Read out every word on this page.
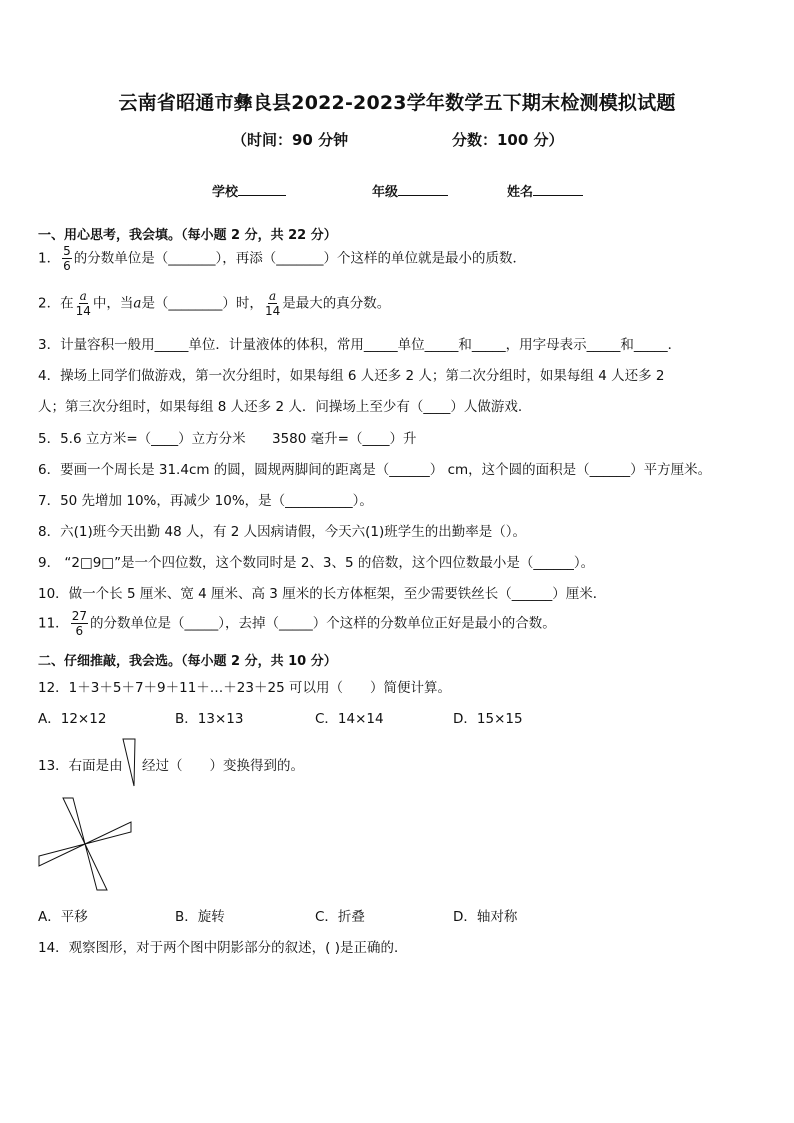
云南省昭通市彝良县2022-2023学年数学五下期末检测模拟试题
（时间：90 分钟	分数：100 分）
学校	年级	姓名
一、用心思考，我会填。（每小题 2 分，共 22 分）
1． $\frac{5}{6}$ 的分数单位是（_______），再添（_______）个这样的单位就是最小的质数．
2．在 $\frac{a}{14}$ 中，当a是（________）时， $\frac{a}{14}$ 是最大的真分数。
3．计量容积一般用_____单位．计量液体的体积，常用_____单位_____和_____，用字母表示_____和_____．
4．操场上同学们做游戏，第一次分组时，如果每组 6 人还多 2 人；第二次分组时，如果每组 4 人还多 2
人；第三次分组时，如果每组 8 人还多 2 人．问操场上至少有（____）人做游戏.
5．5.6 立方米=（____）立方分米 3580 毫升=（____）升
6．要画一个周长是 31.4cm 的圆，圆规两脚间的距离是（______） cm，这个圆的面积是（______）平方厘米。
7．50 先增加 10%，再减少 10%，是（__________）。
8．六(1)班今天出勤 48 人，有 2 人因病请假，今天六(1)班学生的出勤率是（）。
9． “2□9□”是一个四位数，这个数同时是 2、3、5 的倍数，这个四位数最小是（______）。
10．做一个长 5 厘米、宽 4 厘米、高 3 厘米的长方体框架，至少需要铁丝长（______）厘米．
11． $\frac{27}{6}$ 的分数单位是（_____），去掉（_____）个这样的分数单位正好是最小的合数。
二、仔细推敲，我会选。（每小题 2 分，共 10 分）
12．1＋3＋5＋7＋9＋11＋…＋23＋25 可以用（　　）简便计算。
A．12×12	B．13×13	C．14×14	D．15×15
13．右面是由 经过（　　）变换得到的。
A．平移	B．旋转	C．折叠	D．轴对称
14．观察图形，对于两个图中阴影部分的叙述，( )是正确的．
